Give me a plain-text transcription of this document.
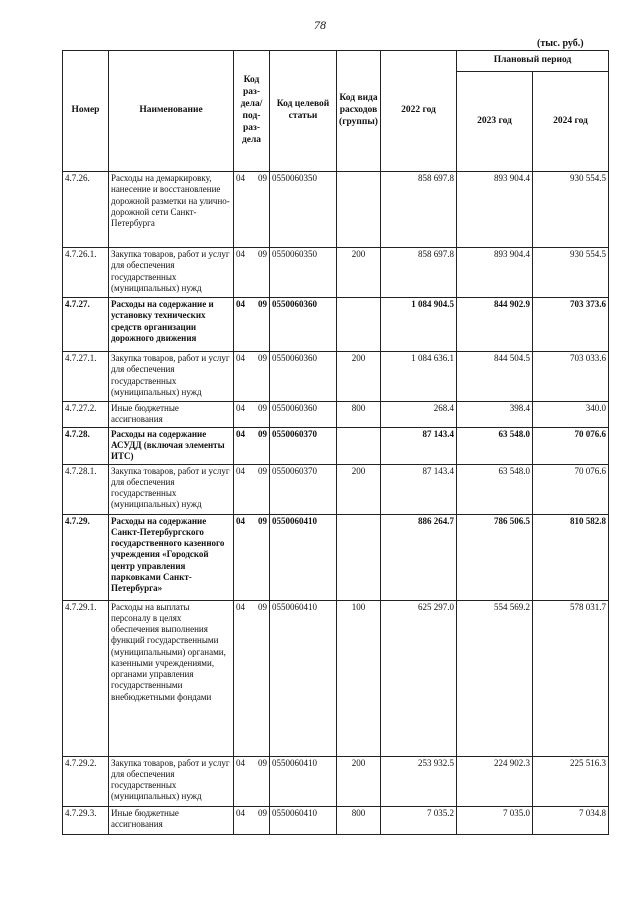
78
(тыс. руб.)
Номер	Наименование	Код раз-дела/ под-раз-дела	Код целевой статьи	Код вида расходов (группы)	2022 год	Плановый период	
						2023 год	2024 год
4.7.26.	Расходы на демаркировку, нанесение и восстановление дорожной разметки на улично-дорожной сети Санкт-Петербурга	04 09	0550060350		858 697.8	893 904.4	930 554.5
4.7.26.1.	Закупка товаров, работ и услуг для обеспечения государственных (муниципальных) нужд	04 09	0550060350	200	858 697.8	893 904.4	930 554.5
4.7.27.	Расходы на содержание и установку технических средств организации дорожного движения	04 09	0550060360		1 084 904.5	844 902.9	703 373.6
4.7.27.1.	Закупка товаров, работ и услуг для обеспечения государственных (муниципальных) нужд	04 09	0550060360	200	1 084 636.1	844 504.5	703 033.6
4.7.27.2.	Иные бюджетные ассигнования	04 09	0550060360	800	268.4	398.4	340.0
4.7.28.	Расходы на содержание АСУДД (включая элементы ИТС)	04 09	0550060370		87 143.4	63 548.0	70 076.6
4.7.28.1.	Закупка товаров, работ и услуг для обеспечения государственных (муниципальных) нужд	04 09	0550060370	200	87 143.4	63 548.0	70 076.6
4.7.29.	Расходы на содержание Санкт-Петербургского государственного казенного учреждения «Городской центр управления парковками Санкт-Петербурга»	04 09	0550060410		886 264.7	786 506.5	810 582.8
4.7.29.1.	Расходы на выплаты персоналу в целях обеспечения выполнения функций государственными (муниципальными) органами, казенными учреждениями, органами управления государственными внебюджетными фондами	04 09	0550060410	100	625 297.0	554 569.2	578 031.7
4.7.29.2.	Закупка товаров, работ и услуг для обеспечения государственных (муниципальных) нужд	04 09	0550060410	200	253 932.5	224 902.3	225 516.3
4.7.29.3.	Иные бюджетные ассигнования	04 09	0550060410	800	7 035.2	7 035.0	7 034.8
